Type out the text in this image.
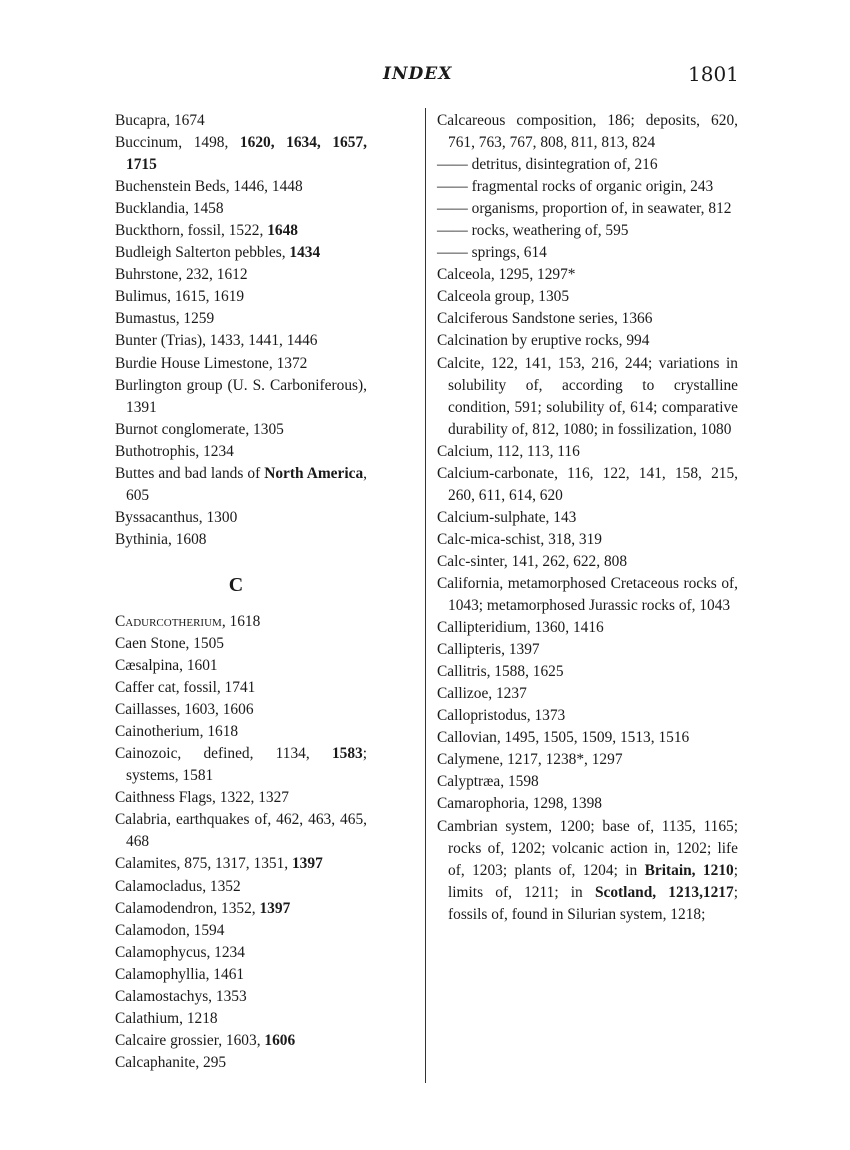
INDEX	1801
Bucapra, 1674
Buccinum, 1498, 1620, 1634, 1657, 1715
Buchenstein Beds, 1446, 1448
Bucklandia, 1458
Buckthorn, fossil, 1522, 1648
Budleigh Salterton pebbles, 1434
Buhrstone, 232, 1612
Bulimus, 1615, 1619
Bumastus, 1259
Bunter (Trias), 1433, 1441, 1446
Burdie House Limestone, 1372
Burlington group (U. S. Carboniferous), 1391
Burnot conglomerate, 1305
Buthotrophis, 1234
Buttes and bad lands of North America, 605
Byssacanthus, 1300
Bythinia, 1608
C
Cadurcotherium, 1618
Caen Stone, 1505
Cæsalpina, 1601
Caffer cat, fossil, 1741
Caillasses, 1603, 1606
Cainotherium, 1618
Cainozoic, defined, 1134, 1583; systems, 1581
Caithness Flags, 1322, 1327
Calabria, earthquakes of, 462, 463, 465, 468
Calamites, 875, 1317, 1351, 1397
Calamocladus, 1352
Calamodendron, 1352, 1397
Calamodon, 1594
Calamophycus, 1234
Calamophyllia, 1461
Calamostachys, 1353
Calathium, 1218
Calcaire grossier, 1603, 1606
Calcaphanite, 295
Calcareous composition, 186; deposits, 620, 761, 763, 767, 808, 811, 813, 824
—— detritus, disintegration of, 216
—— fragmental rocks of organic origin, 243
—— organisms, proportion of, in seawater, 812
—— rocks, weathering of, 595
—— springs, 614
Calceola, 1295, 1297*
Calceola group, 1305
Calciferous Sandstone series, 1366
Calcination by eruptive rocks, 994
Calcite, 122, 141, 153, 216, 244; variations in solubility of, according to crystalline condition, 591; solubility of, 614; comparative durability of, 812, 1080; in fossilization, 1080
Calcium, 112, 113, 116
Calcium-carbonate, 116, 122, 141, 158, 215, 260, 611, 614, 620
Calcium-sulphate, 143
Calc-mica-schist, 318, 319
Calc-sinter, 141, 262, 622, 808
California, metamorphosed Cretaceous rocks of, 1043; metamorphosed Jurassic rocks of, 1043
Callipteridium, 1360, 1416
Callipteris, 1397
Callitris, 1588, 1625
Callizoe, 1237
Callopristodus, 1373
Callovian, 1495, 1505, 1509, 1513, 1516
Calymene, 1217, 1238*, 1297
Calyptræa, 1598
Camarophoria, 1298, 1398
Cambrian system, 1200; base of, 1135, 1165; rocks of, 1202; volcanic action in, 1202; life of, 1203; plants of, 1204; in Britain, 1210; limits of, 1211; in Scotland, 1213,1217; fossils of, found in Silurian system, 1218;
